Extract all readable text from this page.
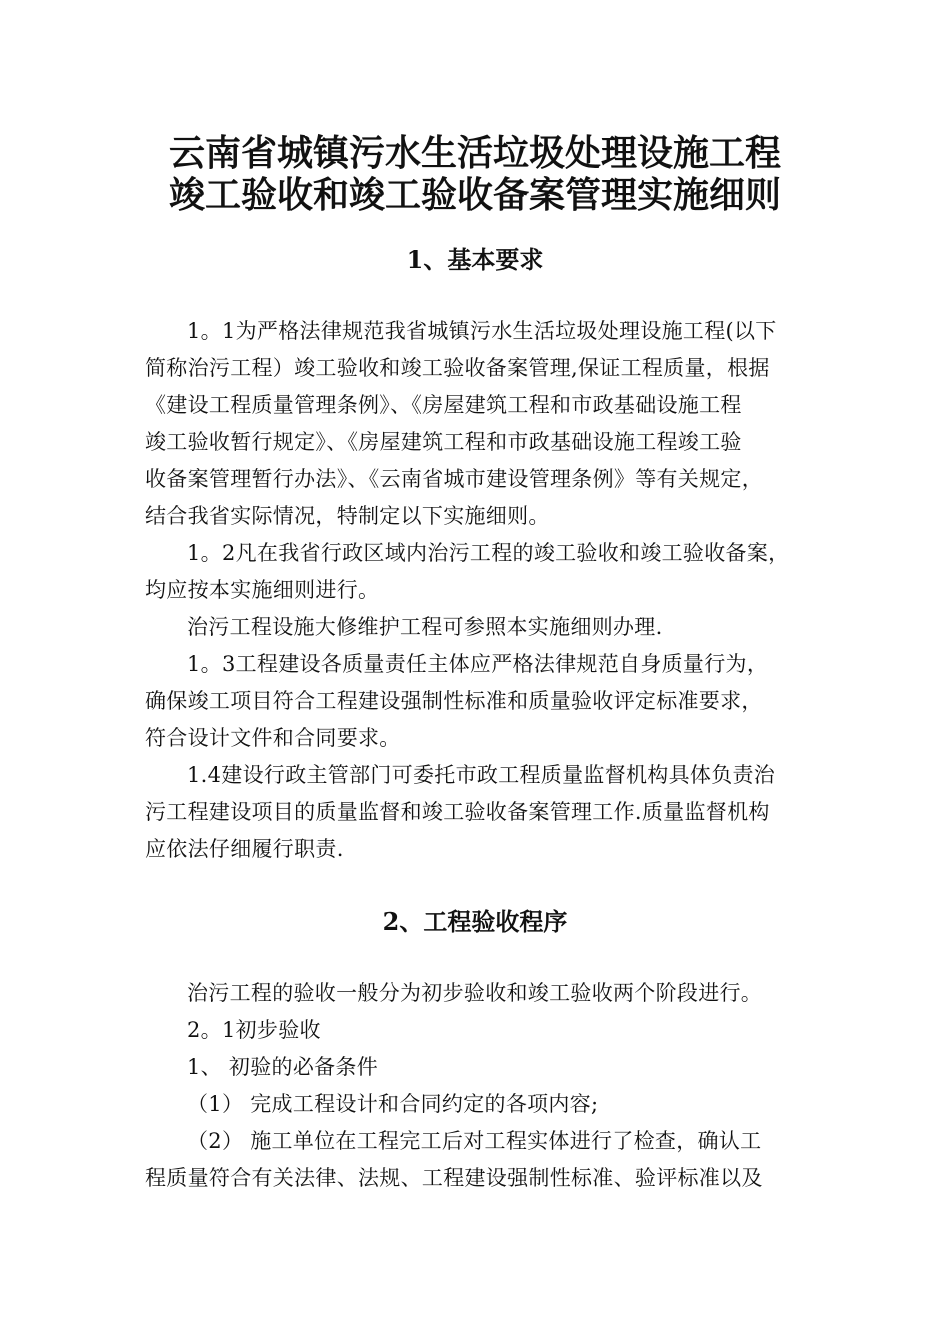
云南省城镇污水生活垃圾处理设施工程
竣工验收和竣工验收备案管理实施细则
1、基本要求
1。1为严格法律规范我省城镇污水生活垃圾处理设施工程(以下
简称治污工程）竣工验收和竣工验收备案管理,保证工程质量，根据
《建设工程质量管理条例》、《房屋建筑工程和市政基础设施工程
竣工验收暂行规定》、《房屋建筑工程和市政基础设施工程竣工验
收备案管理暂行办法》、《云南省城市建设管理条例》等有关规定，
结合我省实际情况，特制定以下实施细则。
1。2凡在我省行政区域内治污工程的竣工验收和竣工验收备案，
均应按本实施细则进行。
治污工程设施大修维护工程可参照本实施细则办理.
1。3工程建设各质量责任主体应严格法律规范自身质量行为，
确保竣工项目符合工程建设强制性标准和质量验收评定标准要求，
符合设计文件和合同要求。
1.4建设行政主管部门可委托市政工程质量监督机构具体负责治
污工程建设项目的质量监督和竣工验收备案管理工作.质量监督机构
应依法仔细履行职责.
2、工程验收程序
治污工程的验收一般分为初步验收和竣工验收两个阶段进行。
2。1初步验收
1、 初验的必备条件
（1） 完成工程设计和合同约定的各项内容;
（2） 施工单位在工程完工后对工程实体进行了检查，确认工
程质量符合有关法律、法规、工程建设强制性标准、验评标准以及
